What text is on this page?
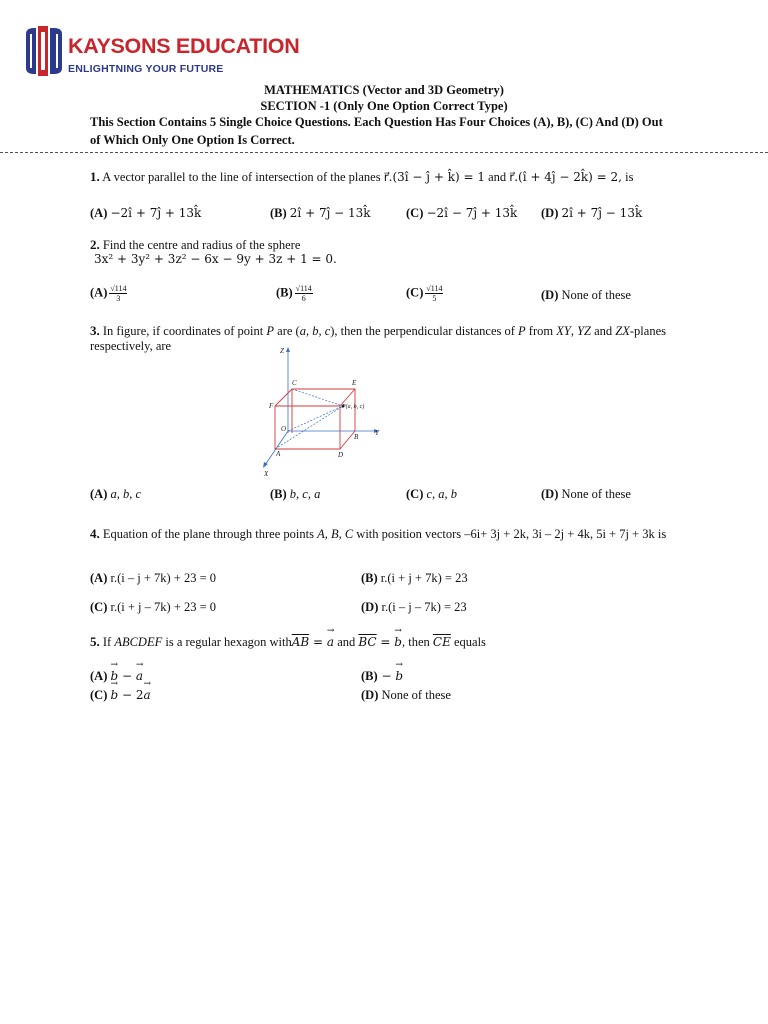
KAYSONS EDUCATION
ENLIGHTNING YOUR FUTURE
MATHEMATICS (Vector and 3D Geometry)
SECTION -1 (Only One Option Correct Type)
This Section Contains 5 Single Choice Questions. Each Question Has Four Choices (A), B), (C) And (D) Out
of Which Only One Option Is Correct.
1. A vector parallel to the line of intersection of the planes r⃗.(3î − ĵ + k̂) = 1 and r⃗.(î + 4ĵ − 2k̂) = 2, is
(A) −2î + 7ĵ + 13k̂	(B) 2î + 7ĵ − 13k̂	(C) −2î − 7ĵ + 13k̂ (D) 2î + 7ĵ − 13k̂
2. Find the centre and radius of the sphere
3x² + 3y² + 3z² − 6x − 9y + 3z + 1 = 0.
$(A) \frac{√114}{3}$	$(B) \frac{√114}{6}$	$(C) \frac{√114}{5}$	(D) None of these
3. In figure, if coordinates of point P are (a, b, c), then the perpendicular distances of P from XY, YZ and ZX-planes
respectively, are	Z
C	E
F	P(a, b, c)
O	Y
B
A	D
X
(A) a, b, c	(B) b, c, a	(C) c, a, b	(D) None of these
4. Equation of the plane through three points A, B, C with position vectors –6i+ 3j + 2k, 3i – 2j + 4k, 5i + 7j + 3k is
(A) r.(i – j + 7k) + 23 = 0	(B) r.(i + j + 7k) = 23
(C) r.(i + j – 7k) + 23 = 0	(D) r.(i – j – 7k) = 23
5. If ABCDEF is a regular hexagon $with\overline{AB}$ = → a and $\overline{BC}$ = → b, then $\overline{CE}$ equals
(A) → b − → a	(B) − → b
(C) → b − 2→ a	(D) None of these
